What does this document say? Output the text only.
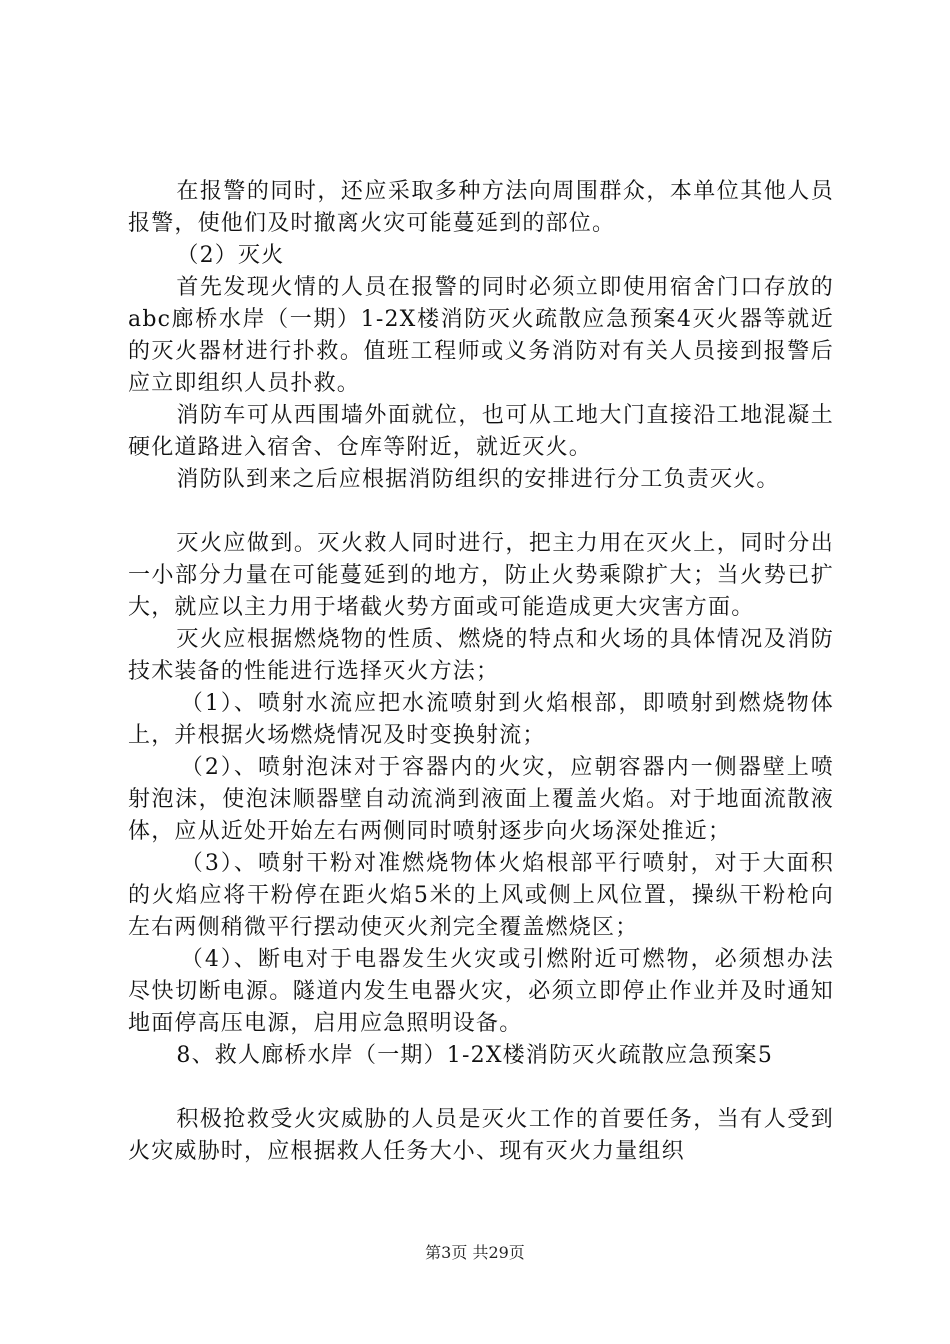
在报警的同时，还应采取多种方法向周围群众，本单位其他人员报警，使他们及时撤离火灾可能蔓延到的部位。

（2）灭火

首先发现火情的人员在报警的同时必须立即使用宿舍门口存放的abc廊桥水岸（一期）1-2X楼消防灭火疏散应急预案4灭火器等就近的灭火器材进行扑救。值班工程师或义务消防对有关人员接到报警后应立即组织人员扑救。

消防车可从西围墙外面就位，也可从工地大门直接沿工地混凝土硬化道路进入宿舍、仓库等附近，就近灭火。

消防队到来之后应根据消防组织的安排进行分工负责灭火。

灭火应做到。灭火救人同时进行，把主力用在灭火上，同时分出一小部分力量在可能蔓延到的地方，防止火势乘隙扩大；当火势已扩大，就应以主力用于堵截火势方面或可能造成更大灾害方面。

灭火应根据燃烧物的性质、燃烧的特点和火场的具体情况及消防技术装备的性能进行选择灭火方法；

（1）、喷射水流应把水流喷射到火焰根部，即喷射到燃烧物体上，并根据火场燃烧情况及时变换射流；

（2）、喷射泡沫对于容器内的火灾，应朝容器内一侧器壁上喷射泡沫，使泡沫顺器壁自动流淌到液面上覆盖火焰。对于地面流散液体，应从近处开始左右两侧同时喷射逐步向火场深处推近；

（3）、喷射干粉对准燃烧物体火焰根部平行喷射，对于大面积的火焰应将干粉停在距火焰5米的上风或侧上风位置，操纵干粉枪向左右两侧稍微平行摆动使灭火剂完全覆盖燃烧区；

（4）、断电对于电器发生火灾或引燃附近可燃物，必须想办法尽快切断电源。隧道内发生电器火灾，必须立即停止作业并及时通知地面停高压电源，启用应急照明设备。

8、救人廊桥水岸（一期）1-2X楼消防灭火疏散应急预案5

积极抢救受火灾威胁的人员是灭火工作的首要任务，当有人受到火灾威胁时，应根据救人任务大小、现有灭火力量组织

第3页 共29页
